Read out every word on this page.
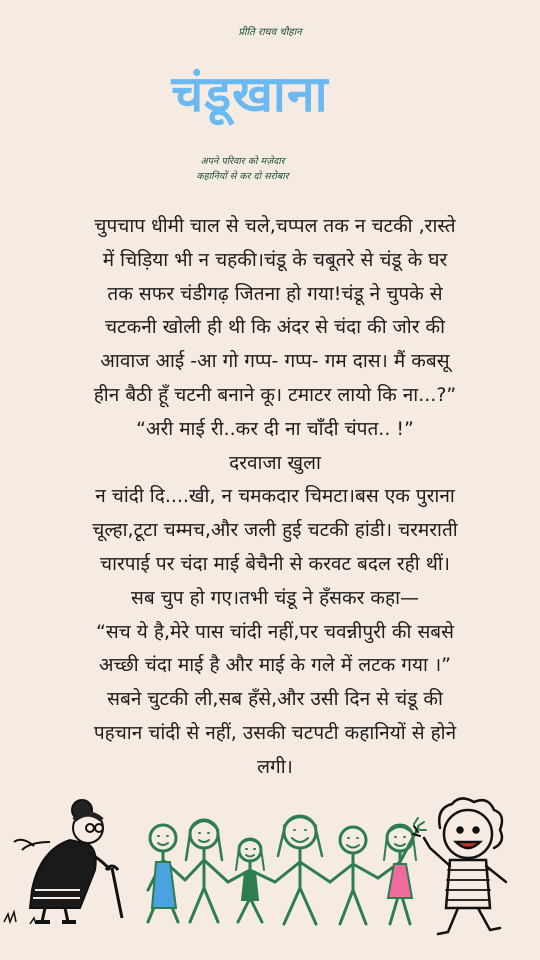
प्रीति राघव चौहान
चंडूखाना
अपने परिवार को मज़ेदार
कहानियों से कर दो सरोबार
चुपचाप धीमी चाल से चले,चप्पल तक न चटकी ,रास्ते
में चिड़िया भी न चहकी।चंडू के चबूतरे से चंडू के घर
तक सफर चंडीगढ़ जितना हो गया!चंडू ने चुपके से
चटकनी खोली ही थी कि अंदर से चंदा की जोर की
आवाज आई -आ गो गप्प- गप्प- गम दास। मैं कबसू
हीन बैठी हूँ चटनी बनाने कू। टमाटर लायो कि ना...?”
“अरी माई री..कर दी ना चाँँदी चंपत.. !”
दरवाजा खुला
न चांदी दि....खी, न चमकदार चिमटा।बस एक पुराना
चूल्हा,टूटा चम्मच,और जली हुई चटकी हांडी। चरमराती
चारपाई पर चंदा माई बेचैनी से करवट बदल रही थीं।
सब चुप हो गए।तभी चंडू ने हँसकर कहा—
“सच ये है,मेरे पास चांदी नहीं,पर चवन्नीपुरी की सबसे
अच्छी चंदा माई है और माई के गले में लटक गया ।”
सबने चुटकी ली,सब हँसे,और उसी दिन से चंडू की
पहचान चांदी से नहीं, उसकी चटपटी कहानियों से होने
लगी।
